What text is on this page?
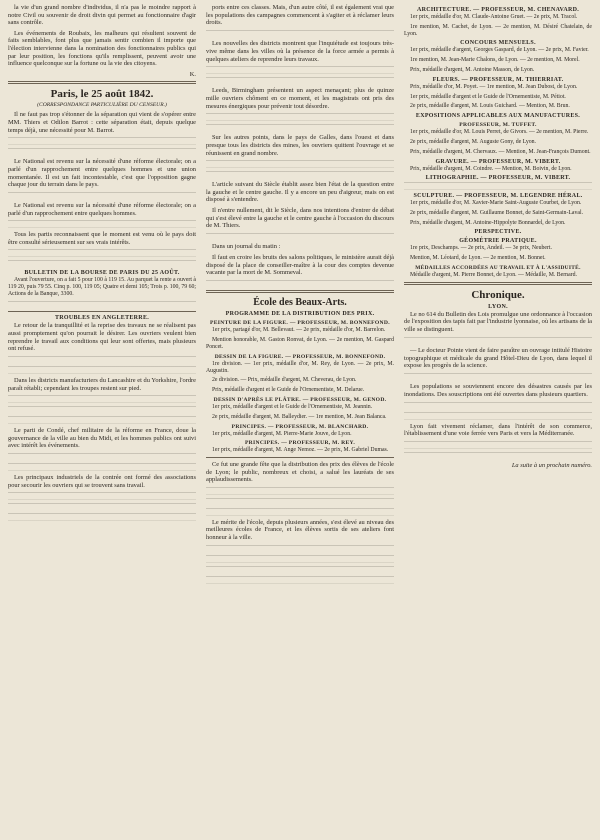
la vie d'un grand nombre d'individus, il n'a pas le moindre rapport à notre Civil ou souvenir de droit divin qui permet au fonctionnaire d'agir sans contrôle.

Les événements de Roubaix, les malheurs qui résultent souvent de faits semblables, font plus que jamais sentir combien il importe que l'élection intervienne dans la nomination des fonctionnaires publics qui par leur position, les fonctions qu'ils remplissent, peuvent avoir une influence quelconque sur la fortune ou la vie des citoyens.

K.

Paris, le 25 août 1842.
(CORRESPONDANCE PARTICULIÈRE DU CENSEUR.)

Il ne faut pas trop s'étonner de la séparation qui vient de s'opérer entre MM. Thiers et Odilon Barrot : cette séparation était, depuis quelque temps déjà, une nécessité pour M. Barrot.

Le National est revenu sur la nécessité d'une réforme électorale; on a parlé d'un rapprochement entre quelques hommes et une union momentanée. Il est un fait incontestable, c'est que l'opposition gagne chaque jour du terrain dans le pays.

Le National est revenu sur la nécessité d'une réforme électorale; on a parlé d'un rapprochement entre quelques hommes.

Tous les partis reconnaissent que le moment est venu où le pays doit être consulté sérieusement sur ses vrais intérêts.

BULLETIN DE LA BOURSE DE PARIS DU 25 AOÛT.

Avant l'ouverture, on a fait 5 pour 100 à 119 15. Au parquet la rente a ouvert à 119 20, puis 79 55. Cinq p. 100, 119 05; Quatre et demi 105; Trois p. 100, 79 60; Actions de la Banque, 3300.

TROUBLES EN ANGLETERRE.

Le retour de la tranquillité et la reprise des travaux ne se réalisent pas aussi promptement qu'on pourrait le désirer. Les ouvriers veulent bien reprendre le travail aux conditions qui leur sont offertes, mais plusieurs ont refusé.

Dans les districts manufacturiers du Lancashire et du Yorkshire, l'ordre paraît rétabli; cependant les troupes restent sur pied.

Le parti de Condé, chef militaire de la réforme en France, doue la gouvernance de la ville au bien du Midi, et les hommes publics ont suivi avec intérêt les événements.

Les principaux industriels de la contrée ont formé des associations pour secourir les ouvriers qui se trouvent sans travail.

ports entre ces classes. Mais, d'un autre côté, il est également vrai que les populations des campagnes commencent à s'agiter et à réclamer leurs droits.

Les nouvelles des districts montrent que l'inquiétude est toujours très-vive même dans les villes où la présence de la force armée a permis à quelques ateliers de reprendre leurs travaux.

Leeds, Birmingham présentent un aspect menaçant; plus de quinze mille ouvriers chôment en ce moment, et les magistrats ont pris des mesures énergiques pour prévenir tout désordre.

Sur les autres points, dans le pays de Galles, dans l'ouest et dans presque tous les districts des mines, les ouvriers quittent l'ouvrage et se réunissent en grand nombre.

L'article suivant du Siècle établit assez bien l'état de la question entre la gauche et le centre gauche. Il y a encore un peu d'aigreur, mais on est disposé à s'entendre.

Il n'entre nullement, dit le Siècle, dans nos intentions d'entrer de débat qui s'est élevé entre la gauche et le centre gauche à l'occasion du discours de M. Thiers.

Dans un journal du matin :

Il faut en croire les bruits des salons politiques, le ministère aurait déjà disposé de la place de conseiller-maître à la cour des comptes devenue vacante par la mort de M. Sommeval.

École des Beaux-Arts.
PROGRAMME DE LA DISTRIBUTION DES PRIX.
PEINTURE DE LA FIGURE. — PROFESSEUR, M. BONNEFOND.

1er prix, partagé d'or, M. Bellevaut. — 2e prix, médaille d'or, M. Barrelon.

Mention honorable, M. Gaston Ronvat, de Lyon. — 2e mention, M. Gaspard Poncet.

DESSIN DE LA FIGURE. — PROFESSEUR, M. BONNEFOND.

1re division. — 1er prix, médaille d'or, M. Rey, de Lyon. — 2e prix, M. Augustin.

2e division. — Prix, médaille d'argent, M. Cheverau, de Lyon.

Prix, médaille d'argent et le Guide de l'Ornementiste, M. Delarue.

DESSIN D'APRÈS LE PLÂTRE. — PROFESSEUR, M. GENOD.

1er prix, médaille d'argent et le Guide de l'Ornementiste, M. Jeannin.

2e prix, médaille d'argent, M. Balleydier. — 1re mention, M. Jean Balanca.

PRINCIPES. — PROFESSEUR, M. BLANCHARD.

1er prix, médaille d'argent, M. Pierre-Marie Jouve, de Lyon.

PRINCIPES. — PROFESSEUR, M. REY.

1er prix, médaille d'argent, M. Ange Nemoz. — 2e prix, M. Gabriel Dumas.

Ce fut une grande fête que la distribution des prix des élèves de l'école de Lyon; le public, nombreux et choisi, a salué les lauréats de ses applaudissements.

Le mérite de l'école, depuis plusieurs années, s'est élevé au niveau des meilleures écoles de France, et les élèves sortis de ses ateliers font honneur à la ville.

ARCHITECTURE. — PROFESSEUR, M. CHENAVARD.

1er prix, médaille d'or, M. Claude-Antoine Gruet. — 2e prix, M. Tracol.

1re mention, M. Cachet, de Lyon. — 2e mention, M. Désiré Chatelain, de Lyon.

CONCOURS MENSUELS.

1er prix, médaille d'argent, Georges Gaspard, de Lyon. — 2e prix, M. Favier.

1re mention, M. Jean-Marie Chalons, de Lyon. — 2e mention, M. Morel.

Prix, médaille d'argent, M. Antoine Masson, de Lyon.

FLEURS. — PROFESSEUR, M. THIERRIAT.

Prix, médaille d'or, M. Poyet. — 1re mention, M. Jean Dubost, de Lyon.

1er prix, médaille d'argent et le Guide de l'Ornementiste, M. Pétiot.

2e prix, médaille d'argent, M. Louis Guichard. — Mention, M. Brun.

EXPOSITIONS APPLICABLES AUX MANUFACTURES.
PROFESSEUR, M. TUFFET.

1er prix, médaille d'or, M. Louis Perret, de Givors. — 2e mention, M. Pierre.

2e prix, médaille d'argent, M. Auguste Gony, de Lyon.

Prix, médaille d'argent, M. Chervaux. — Mention, M. Jean-François Dumont.

GRAVURE. — PROFESSEUR, M. VIBERT.

Prix, médaille d'argent, M. Coindre. — Mention, M. Boivin, de Lyon.

LITHOGRAPHIE. — PROFESSEUR, M. VIBERT.
SCULPTURE. — PROFESSEUR, M. LEGENDRE HÉRAL.

1er prix, médaille d'or, M. Xavier-Marie Saint-Auguste Courbet, de Lyon.

2e prix, médaille d'argent, M. Guillaume Bonnet, de Saint-Germain-Laval.

Prix, médaille d'argent, M. Antoine-Hippolyte Bonnardel, de Lyon.

PERSPECTIVE.
GÉOMÉTRIE PRATIQUE.

1re prix, Deschamps. — 2e prix, Andeil. — 3e prix, Neubert.

Mention, M. Léotard, de Lyon. — 2e mention, M. Bonnet.

MÉDAILLES ACCORDÉES AU TRAVAIL ET À L'ASSIDUITÉ.

Médaille d'argent, M. Pierre Bonnet, de Lyon. — Médaille, M. Bernard.

Chronique.
LYON.

Le no 614 du Bulletin des Lois promulgue une ordonnance à l'occasion de l'exposition des tapis fait par l'industrie lyonnaise, où les artisans de la ville se distinguent.

— Le docteur Pointe vient de faire paraître un ouvrage intitulé Histoire topographique et médicale du grand Hôtel-Dieu de Lyon, dans lequel il expose les progrès de la science.

Les populations se souviennent encore des désastres causés par les inondations. Des souscriptions ont été ouvertes dans plusieurs quartiers.

Lyon fait vivement réclamer, dans l'intérêt de son commerce, l'établissement d'une voie ferrée vers Paris et vers la Méditerranée.

La suite à un prochain numéro.
